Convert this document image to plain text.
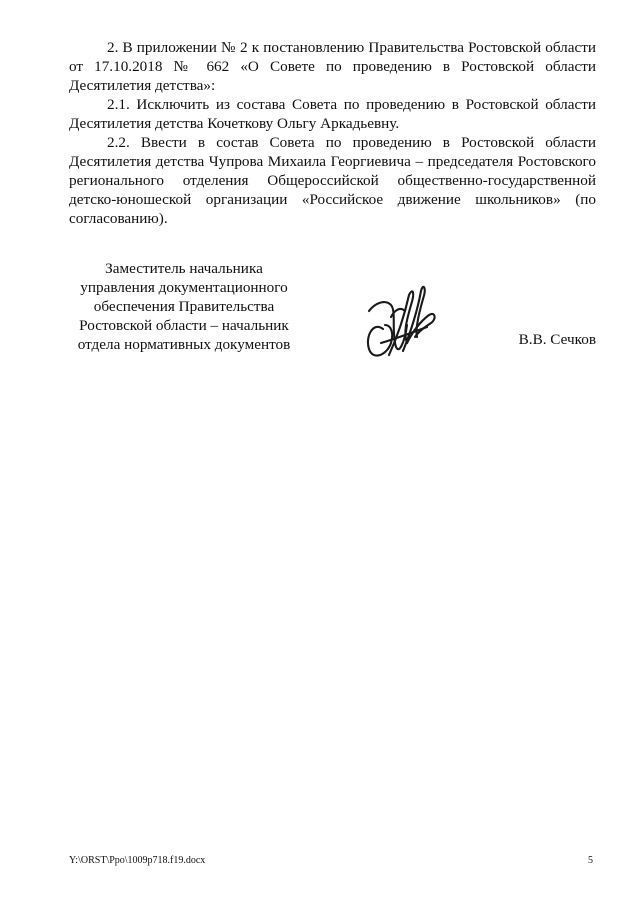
2. В приложении № 2 к постановлению Правительства Ростовской области от 17.10.2018 № 662 «О Совете по проведению в Ростовской области Десятилетия детства»:

2.1. Исключить из состава Совета по проведению в Ростовской области Десятилетия детства Кочеткову Ольгу Аркадьевну.

2.2. Ввести в состав Совета по проведению в Ростовской области Десятилетия детства Чупрова Михаила Георгиевича – председателя Ростовского регионального отделения Общероссийской общественно-государственной детско-юношеской организации «Российское движение школьников» (по согласованию).

Заместитель начальника
управления документационного
обеспечения Правительства
Ростовской области – начальник
отдела нормативных документов	В.В. Сечков
Y:\ORST\Ppo\1009p718.f19.docx	5
